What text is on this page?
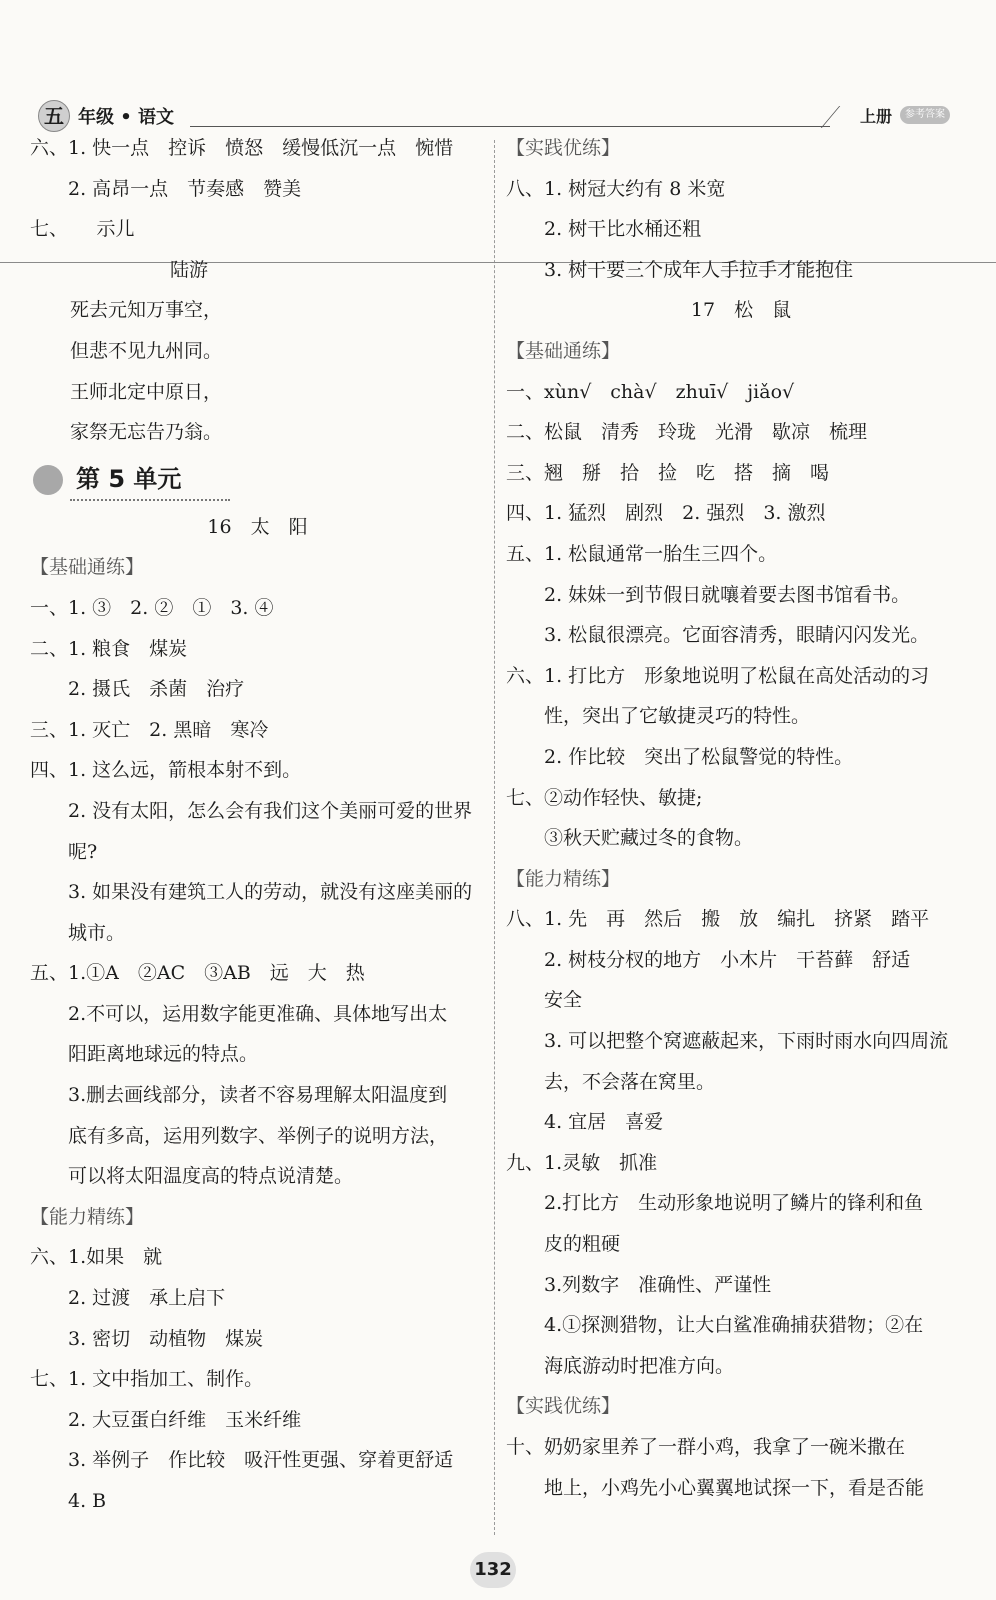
五 年级 • 语文	上册	参考答案
六、1. 快一点　控诉　愤怒　缓慢低沉一点　惋惜
　　2. 高昂一点　节奏感　赞美
七、　　示儿
陆游
死去元知万事空，
但悲不见九州同。
王师北定中原日，
家祭无忘告乃翁。
第 5 单元
16　太　阳
【基础通练】
一、1. ③　2. ②　①　3. ④
二、1. 粮食　煤炭
　　2. 摄氏　杀菌　治疗
三、1. 灭亡　2. 黑暗　寒冷
四、1. 这么远，箭根本射不到。
　　2. 没有太阳，怎么会有我们这个美丽可爱的世界
　　呢?
　　3. 如果没有建筑工人的劳动，就没有这座美丽的
　　城市。
五、1.①A　②AC　③AB　远　大　热
　　2.不可以，运用数字能更准确、具体地写出太
　　阳距离地球远的特点。
　　3.删去画线部分，读者不容易理解太阳温度到
　　底有多高，运用列数字、举例子的说明方法，
　　可以将太阳温度高的特点说清楚。
【能力精练】
六、1.如果　就
　　2. 过渡　承上启下
　　3. 密切　动植物　煤炭
七、1. 文中指加工、制作。
　　2. 大豆蛋白纤维　玉米纤维
　　3. 举例子　作比较　吸汗性更强、穿着更舒适
　　4. B
【实践优练】
八、1. 树冠大约有 8 米宽
　　2. 树干比水桶还粗
　　3. 树干要三个成年人手拉手才能抱住
17　松　鼠
【基础通练】
一、xùn√　chà√　zhuī√　jiǎo√
二、松鼠　清秀　玲珑　光滑　歇凉　梳理
三、翘　掰　拾　捡　吃　搭　摘　喝
四、1. 猛烈　剧烈　2. 强烈　3. 激烈
五、1. 松鼠通常一胎生三四个。
　　2. 妹妹一到节假日就嚷着要去图书馆看书。
　　3. 松鼠很漂亮。它面容清秀，眼睛闪闪发光。
六、1. 打比方　形象地说明了松鼠在高处活动的习
　　性，突出了它敏捷灵巧的特性。
　　2. 作比较　突出了松鼠警觉的特性。
七、②动作轻快、敏捷;
　　③秋天贮藏过冬的食物。
【能力精练】
八、1. 先　再　然后　搬　放　编扎　挤紧　踏平
　　2. 树枝分杈的地方　小木片　干苔藓　舒适
　　安全
　　3. 可以把整个窝遮蔽起来，下雨时雨水向四周流
　　去，不会落在窝里。
　　4. 宜居　喜爱
九、1.灵敏　抓准
　　2.打比方　生动形象地说明了鳞片的锋利和鱼
　　皮的粗硬
　　3.列数字　准确性、严谨性
　　4.①探测猎物，让大白鲨准确捕获猎物；②在
　　海底游动时把准方向。
【实践优练】
十、奶奶家里养了一群小鸡，我拿了一碗米撒在
　　地上，小鸡先小心翼翼地试探一下，看是否能
132
